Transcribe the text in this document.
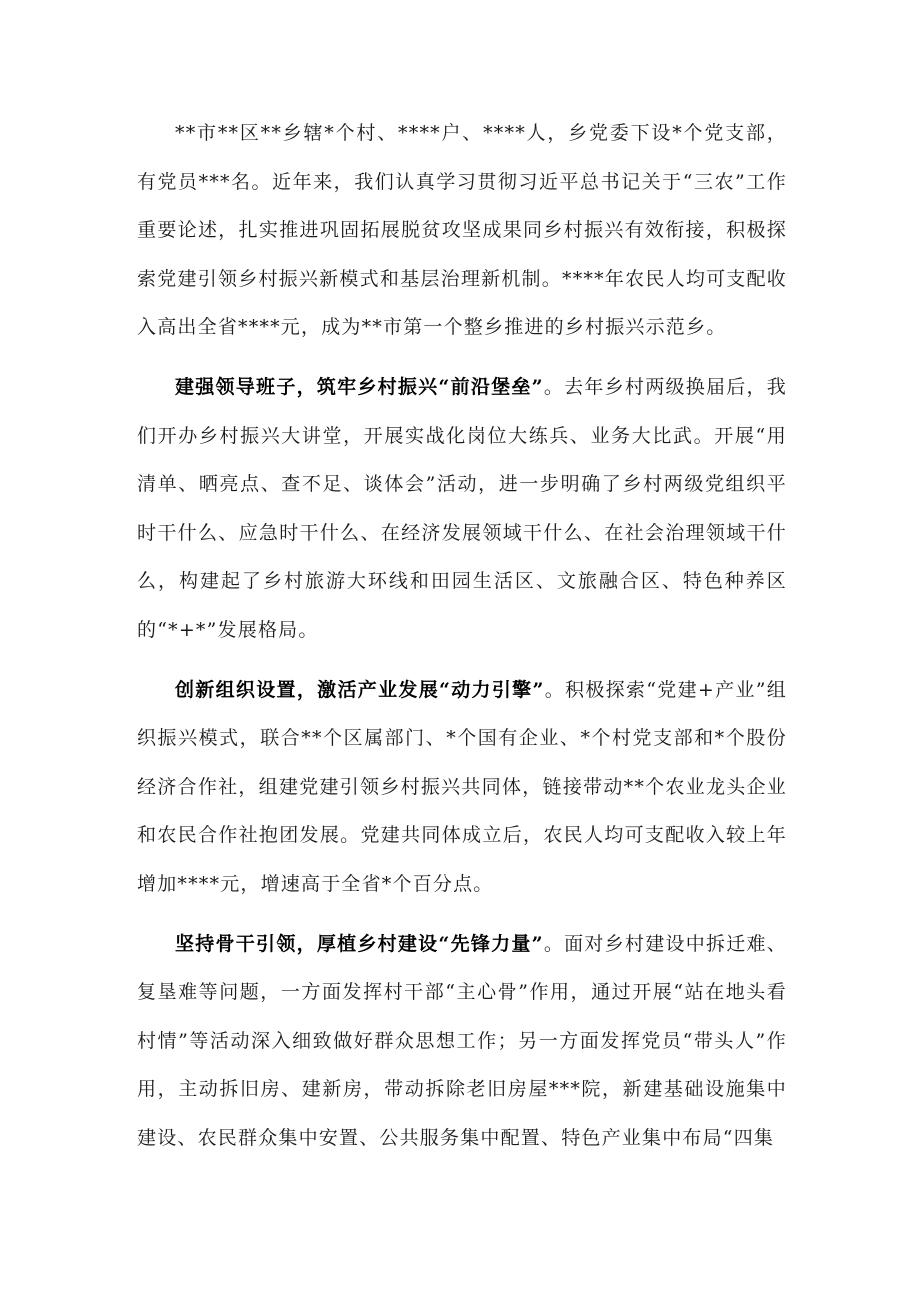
**市**区**乡辖*个村、****户、****人，乡党委下设*个党支部，有党员***名。近年来，我们认真学习贯彻习近平总书记关于“三农”工作重要论述，扎实推进巩固拓展脱贫攻坚成果同乡村振兴有效衔接，积极探索党建引领乡村振兴新模式和基层治理新机制。****年农民人均可支配收入高出全省****元，成为**市第一个整乡推进的乡村振兴示范乡。

建强领导班子，筑牢乡村振兴“前沿堡垒”。去年乡村两级换届后，我们开办乡村振兴大讲堂，开展实战化岗位大练兵、业务大比武。开展“用清单、晒亮点、查不足、谈体会”活动，进一步明确了乡村两级党组织平时干什么、应急时干什么、在经济发展领域干什么、在社会治理领域干什么，构建起了乡村旅游大环线和田园生活区、文旅融合区、特色种养区的“*+*”发展格局。

创新组织设置，激活产业发展“动力引擎”。积极探索“党建+产业”组织振兴模式，联合**个区属部门、*个国有企业、*个村党支部和*个股份经济合作社，组建党建引领乡村振兴共同体，链接带动**个农业龙头企业和农民合作社抱团发展。党建共同体成立后，农民人均可支配收入较上年增加****元，增速高于全省*个百分点。

坚持骨干引领，厚植乡村建设“先锋力量”。面对乡村建设中拆迁难、复垦难等问题，一方面发挥村干部“主心骨”作用，通过开展“站在地头看村情”等活动深入细致做好群众思想工作；另一方面发挥党员“带头人”作用，主动拆旧房、建新房，带动拆除老旧房屋***院，新建基础设施集中建设、农民群众集中安置、公共服务集中配置、特色产业集中布局“四集
